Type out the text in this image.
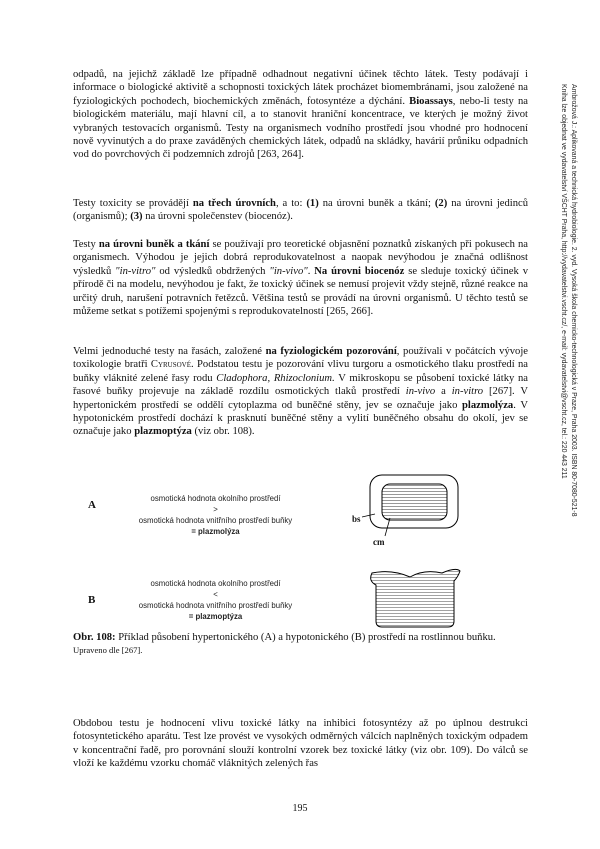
Ambrožová J.: Aplikovaná a technická hydrobiologie. 2. vyd. Vysoká škola chemicko-technologická v Praze, Praha 2003. ISBN 80-7080-521-8
Kniha lze objednat ve vydavatelství VŠCHT Praha, http://vydavatelstvi.vscht.cz/, e-mail: vydavatelstvi@vscht.cz, tel.: 220 443 211

odpadů, na jejichž základě lze případně odhadnout negativní účinek těchto látek. Testy podávají i informace o biologické aktivitě a schopnosti toxických látek procházet biomembránami, jsou založené na fyziologických pochodech, biochemických změnách, fotosyntéze a dýchání. Bioassays, nebo-li testy na biologickém materiálu, mají hlavní cíl, a to stanovit hraniční koncentrace, ve kterých je možný život vybraných testovacích organismů. Testy na organismech vodního prostředí jsou vhodné pro hodnocení nově vyvinutých a do praxe zaváděných chemických látek, odpadů na skládky, havárií průniku odpadních vod do povrchových či podzemních zdrojů [263, 264].

Testy toxicity se provádějí na třech úrovních, a to: (1) na úrovni buněk a tkání; (2) na úrovni jedinců (organismů); (3) na úrovni společenstev (biocenóz).

Testy na úrovni buněk a tkání se používají pro teoretické objasnění poznatků získaných při pokusech na organismech. Výhodou je jejich dobrá reprodukovatelnost a naopak nevýhodou je značná odlišnost výsledků "in-vitro" od výsledků obdržených "in-vivo". Na úrovni biocenóz se sleduje toxický účinek v přírodě či na modelu, nevýhodou je fakt, že toxický účinek se nemusí projevit vždy stejně, různé reakce na určitý druh, narušení potravních řetězců. Většina testů se provádí na úrovni organismů. U těchto testů se můžeme setkat s potížemi spojenými s reprodukovatelností [265, 266].

Velmi jednoduché testy na řasách, založené na fyziologickém pozorování, používali v počátcích vývoje toxikologie bratři Cyrusové. Podstatou testu je pozorování vlivu turgoru a osmotického tlaku prostředí na buňky vláknité zelené řasy rodu Cladophora, Rhizoclonium. V mikroskopu se působení toxické látky na řasové buňky projevuje na základě rozdílu osmotických tlaků prostředí in-vivo a in-vitro [267]. V hypertonickém prostředí se oddělí cytoplazma od buněčné stěny, jev se označuje jako plazmolýza. V hypotonickém prostředí dochází k prasknutí buněčné stěny a vylití buněčného obsahu do okolí, jev se označuje jako plazmoptýza (viz obr. 108).

A
osmotická hodnota okolního prostředí
>
osmotická hodnota vnitřního prostředí buňky
= plazmolýza
bs
cm
B
osmotická hodnota okolního prostředí
<
osmotická hodnota vnitřního prostředí buňky
= plazmoptýza
Obr. 108: Příklad působení hypertonického (A) a hypotonického (B) prostředí na rostlinnou buňku. Upraveno dle [267].

Obdobou testu je hodnocení vlivu toxické látky na inhibici fotosyntézy až po úplnou destrukci fotosyntetického aparátu. Test lze provést ve vysokých odměrných válcích naplněných toxickým odpadem v koncentrační řadě, pro porovnání slouží kontrolní vzorek bez toxické látky (viz obr. 109). Do válců se vloží ke každému vzorku chomáč vláknitých zelených řas

195
